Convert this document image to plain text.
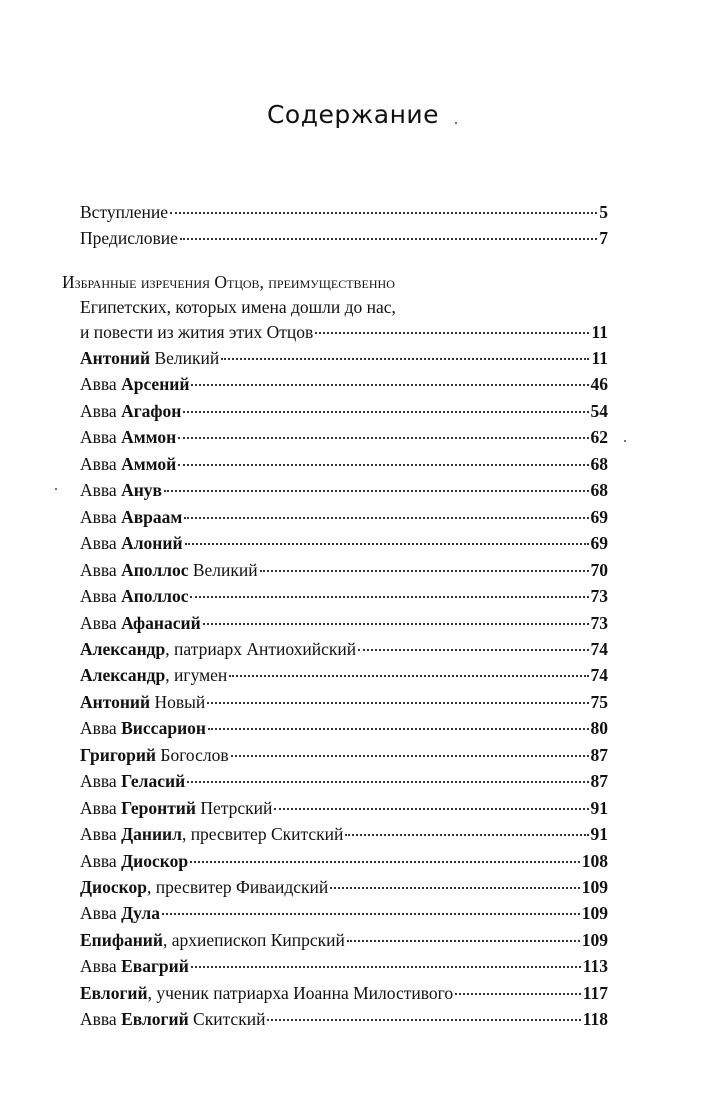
Содержание
Вступление	5
Предисловие	7
Избранные изречения Отцов, преимущественно
Египетских, которых имена дошли до нас,
и повести из жития этих Отцов	11
Антоний Великий	11
Авва Арсений	46
Авва Агафон	54
Авва Аммон	62
Авва Аммой	68
Авва Анув	68
Авва Авраам	69
Авва Алоний	69
Авва Аполлос Великий	70
Авва Аполлос	73
Авва Афанасий	73
Александр, патриарх Антиохийский	74
Александр, игумен	74
Антоний Новый	75
Авва Виссарион	80
Григорий Богослов	87
Авва Геласий	87
Авва Геронтий Петрский	91
Авва Даниил, пресвитер Скитский	91
Авва Диоскор	108
Диоскор, пресвитер Фиваидский	109
Авва Дула	109
Епифаний, архиепископ Кипрский	109
Авва Евагрий	113
Евлогий, ученик патриарха Иоанна Милостивого	117
Авва Евлогий Скитский	118
